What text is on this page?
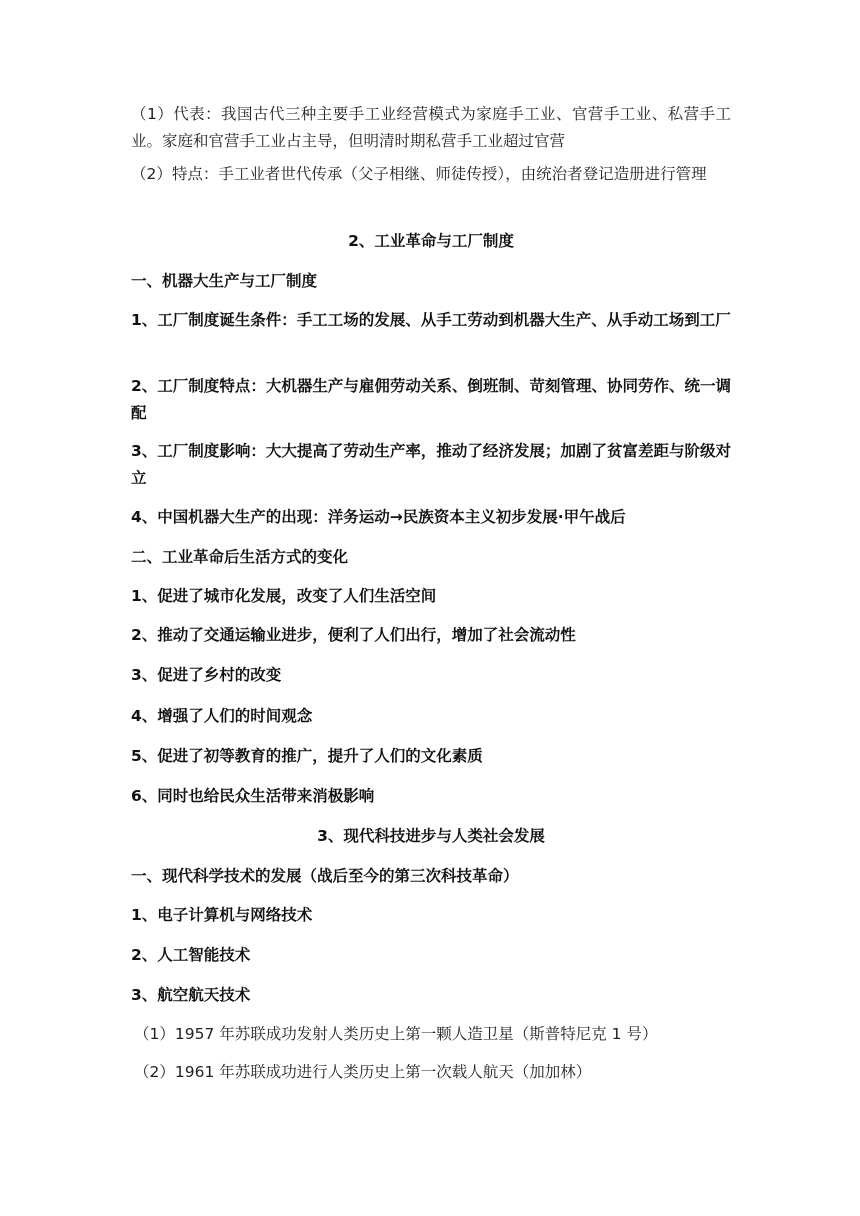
（1）代表：我国古代三种主要手工业经营模式为家庭手工业、官营手工业、私营手工业。家庭和官营手工业占主导，但明清时期私营手工业超过官营
（2）特点：手工业者世代传承（父子相继、师徒传授），由统治者登记造册进行管理
2、工业革命与工厂制度
一、机器大生产与工厂制度
1、工厂制度诞生条件：手工工场的发展、从手工劳动到机器大生产、从手动工场到工厂
2、工厂制度特点：大机器生产与雇佣劳动关系、倒班制、苛刻管理、协同劳作、统一调配
3、工厂制度影响：大大提高了劳动生产率，推动了经济发展；加剧了贫富差距与阶级对立
4、中国机器大生产的出现：洋务运动→民族资本主义初步发展·甲午战后
二、工业革命后生活方式的变化
1、促进了城市化发展，改变了人们生活空间
2、推动了交通运输业进步，便利了人们出行，增加了社会流动性
3、促进了乡村的改变
4、增强了人们的时间观念
5、促进了初等教育的推广，提升了人们的文化素质
6、同时也给民众生活带来消极影响
3、现代科技进步与人类社会发展
一、现代科学技术的发展（战后至今的第三次科技革命）
1、电子计算机与网络技术
2、人工智能技术
3、航空航天技术
（1）1957 年苏联成功发射人类历史上第一颗人造卫星（斯普特尼克 1 号）
（2）1961 年苏联成功进行人类历史上第一次载人航天（加加林）
